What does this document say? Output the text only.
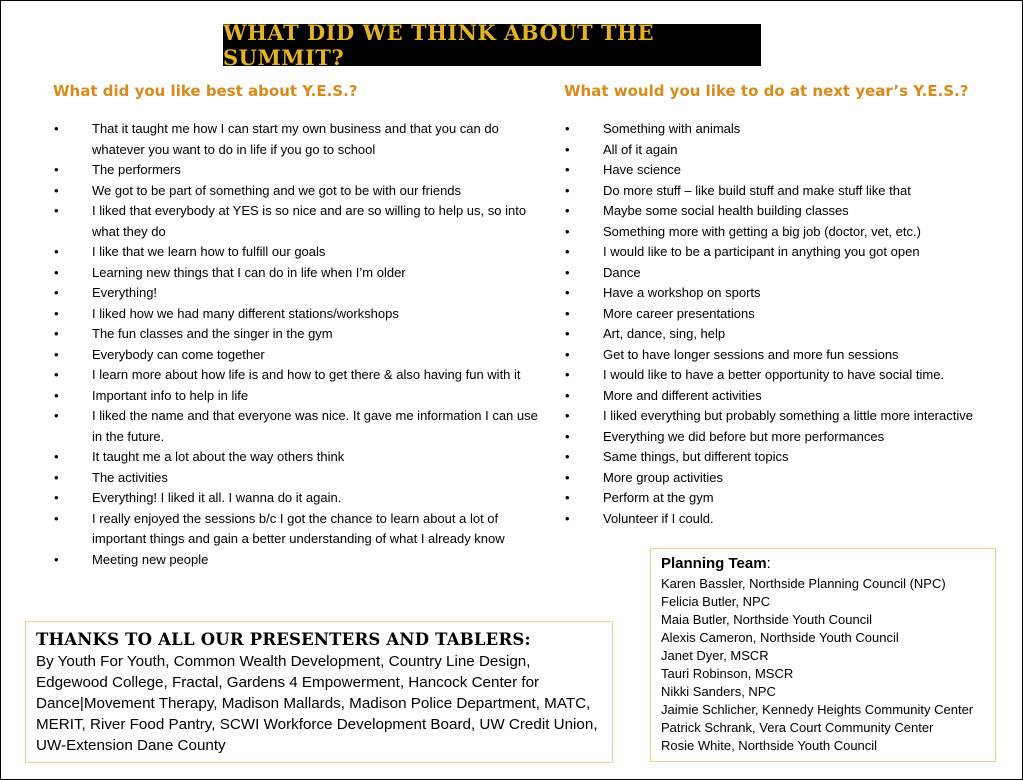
WHAT DID WE THINK ABOUT THE SUMMIT?
What did you like best about Y.E.S.?	What would you like to do at next year’s Y.E.S.?
•	That it taught me how I can start my own business and that you can do whatever you want to do in life if you go to school
•	The performers
•	We got to be part of something and we got to be with our friends
•	I liked that everybody at YES is so nice and are so willing to help us, so into what they do
•	I like that we learn how to fulfill our goals
•	Learning new things that I can do in life when I’m older
•	Everything!
•	I liked how we had many different stations/workshops
•	The fun classes and the singer in the gym
•	Everybody can come together
•	I learn more about how life is and how to get there & also having fun with it
•	Important info to help in life
•	I liked the name and that everyone was nice. It gave me information I can use in the future.
•	It taught me a lot about the way others think
•	The activities
•	Everything! I liked it all. I wanna do it again.
•	I really enjoyed the sessions b/c I got the chance to learn about a lot of important things and gain a better understanding of what I already know
•	Meeting new people
•	Something with animals
•	All of it again
•	Have science
•	Do more stuff – like build stuff and make stuff like that
•	Maybe some social health building classes
•	Something more with getting a big job (doctor, vet, etc.)
•	I would like to be a participant in anything you got open
•	Dance
•	Have a workshop on sports
•	More career presentations
•	Art, dance, sing, help
•	Get to have longer sessions and more fun sessions
•	I would like to have a better opportunity to have social time.
•	More and different activities
•	I liked everything but probably something a little more interactive
•	Everything we did before but more performances
•	Same things, but different topics
•	More group activities
•	Perform at the gym
•	Volunteer if I could.
THANKS TO ALL OUR PRESENTERS AND TABLERS:
By Youth For Youth, Common Wealth Development, Country Line Design, Edgewood College, Fractal, Gardens 4 Empowerment, Hancock Center for Dance|Movement Therapy, Madison Mallards, Madison Police Department, MATC, MERIT, River Food Pantry, SCWI Workforce Development Board, UW Credit Union, UW-Extension Dane County
Planning Team:
Karen Bassler, Northside Planning Council (NPC)
Felicia Butler, NPC
Maia Butler, Northside Youth Council
Alexis Cameron, Northside Youth Council
Janet Dyer, MSCR
Tauri Robinson, MSCR
Nikki Sanders, NPC
Jaimie Schlicher, Kennedy Heights Community Center
Patrick Schrank, Vera Court Community Center
Rosie White, Northside Youth Council
